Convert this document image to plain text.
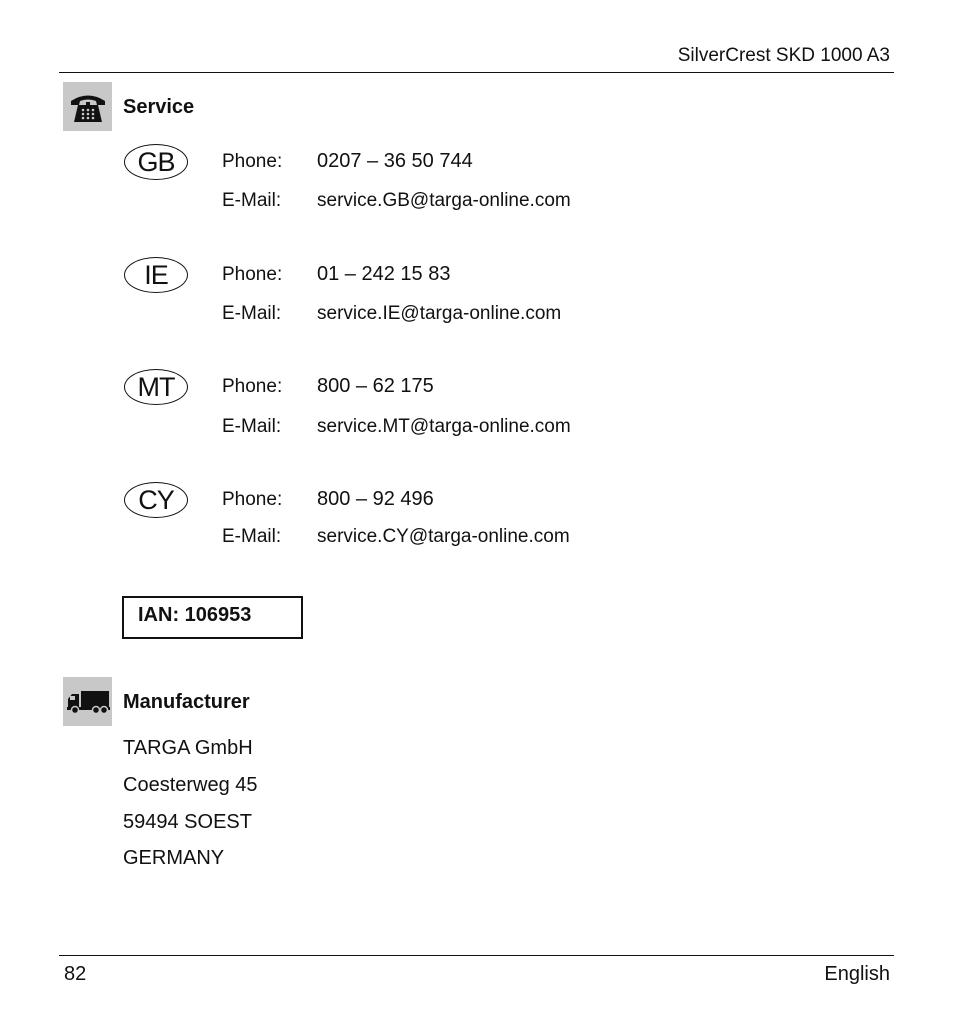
SilverCrest SKD 1000 A3
Service
GB	Phone: 0207 – 36 50 744
E-Mail: service.GB@targa-online.com
IE	Phone: 01 – 242 15 83
E-Mail: service.IE@targa-online.com
MT	Phone: 800 – 62 175
E-Mail: service.MT@targa-online.com
CY	Phone: 800 – 92 496
E-Mail: service.CY@targa-online.com
IAN: 106953
Manufacturer
TARGA GmbH
Coesterweg 45
59494 SOEST
GERMANY
82	English
